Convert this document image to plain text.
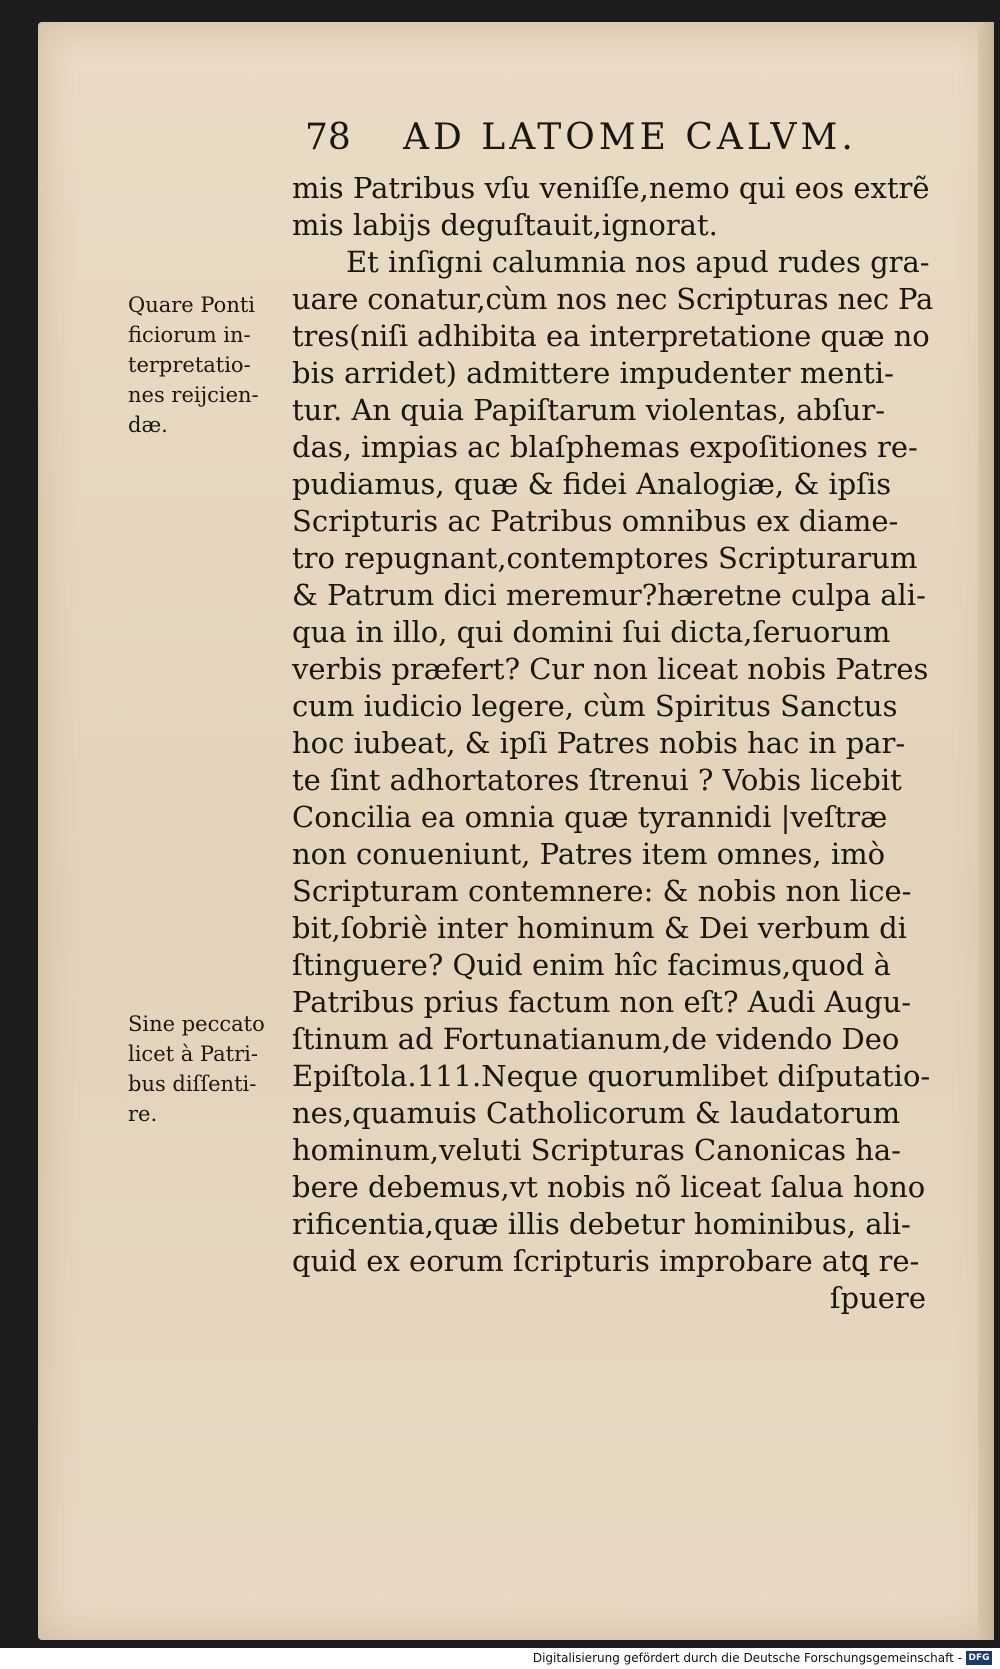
78 AD LATOME CALVM.
Quare Ponti
ficiorum in-
terpretatio-
nes reijcien-
dæ.
Sine peccato
licet à Patri-
bus diſſenti-
re.
mis Patribus vſu veniſſe,nemo qui eos extrẽ
mis labijs deguſtauit,ignorat.
Et inſigni calumnia nos apud rudes gra-
uare conatur,cùm nos nec Scripturas nec Pa
tres(niſi adhibita ea interpretatione quæ no
bis arridet) admittere impudenter menti-
tur. An quia Papiſtarum violentas, abſur-
das, impias ac blaſphemas expoſitiones re-
pudiamus, quæ & fidei Analogiæ, & ipſis
Scripturis ac Patribus omnibus ex diame-
tro repugnant,contemptores Scripturarum
& Patrum dici meremur?hæretne culpa ali-
qua in illo, qui domini ſui dicta,ſeruorum
verbis præfert? Cur non liceat nobis Patres
cum iudicio legere, cùm Spiritus Sanctus
hoc iubeat, & ipſi Patres nobis hac in par-
te ſint adhortatores ſtrenui ? Vobis licebit
Concilia ea omnia quæ tyrannidi |veſtræ
non conueniunt, Patres item omnes, imò
Scripturam contemnere: & nobis non lice-
bit,ſobriè inter hominum & Dei verbum di
ſtinguere? Quid enim hîc facimus,quod à
Patribus prius factum non eſt? Audi Augu-
ſtinum ad Fortunatianum,de videndo Deo
Epiſtola.111.Neque quorumlibet diſputatio-
nes,quamuis Catholicorum & laudatorum
hominum,veluti Scripturas Canonicas ha-
bere debemus,vt nobis nõ liceat ſalua hono
rificentia,quæ illis debetur hominibus, ali-
quid ex eorum ſcripturis improbare atꝗ re-
ſpuere
Digitalisierung gefördert durch die Deutsche Forschungsgemeinschaft - DFG
